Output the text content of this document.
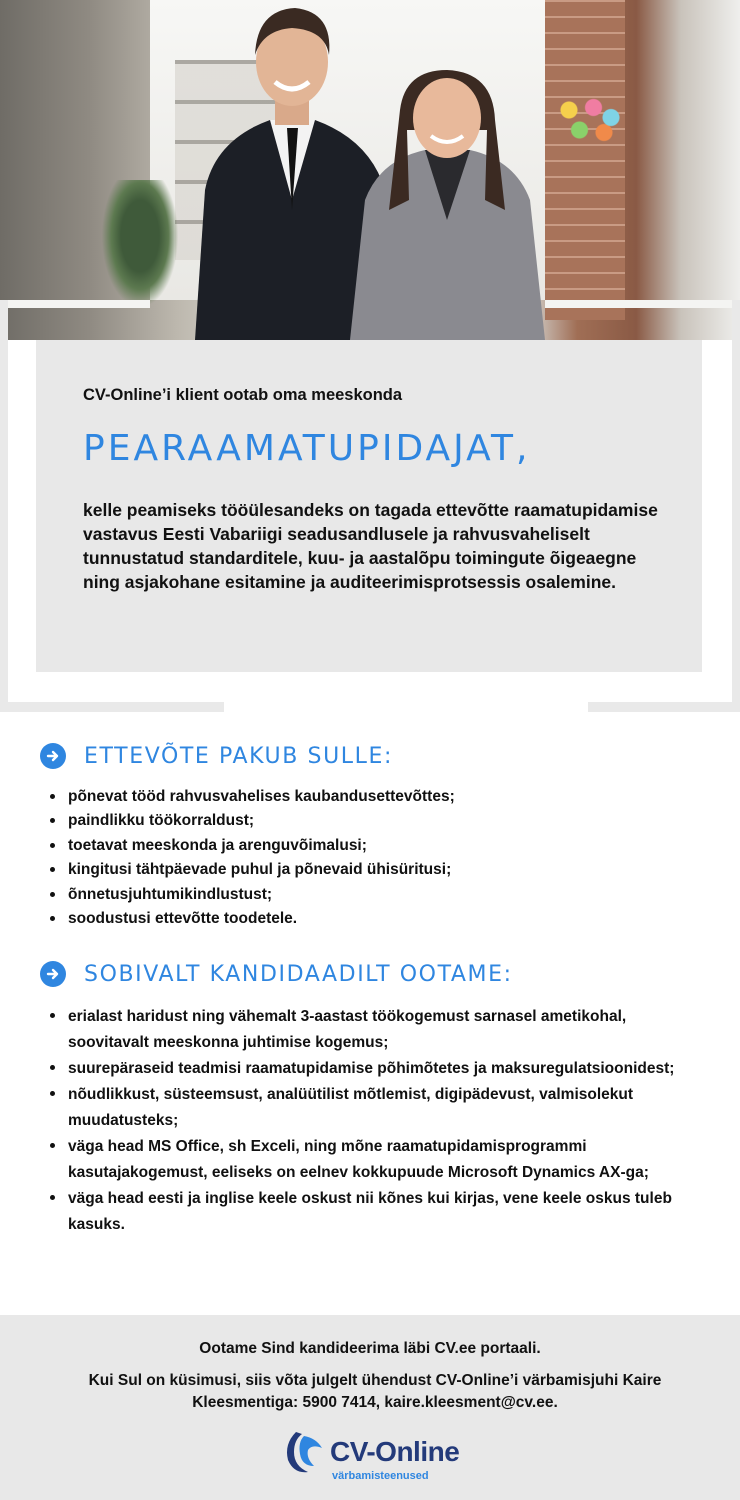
CV-Online’i klient ootab oma meeskonda
PEARAAMATUPIDAJAT,

kelle peamiseks tööülesandeks on tagada ettevõtte raamatupidamise vastavus Eesti Vabariigi seadusandlusele ja rahvusvaheliselt tunnustatud standarditele, kuu- ja aastalõpu toimingute õigeaegne ning asjakohane esitamine ja auditeerimisprotsessis osalemine.

ETTEVÕTE PAKUB SULLE:
põnevat tööd rahvusvahelises kaubandusettevõttes;
paindlikku töökorraldust;
toetavat meeskonda ja arenguvõimalusi;
kingitusi tähtpäevade puhul ja põnevaid ühisüritusi;
õnnetusjuhtumikindlustust;
soodustusi ettevõtte toodetele.
SOBIVALT KANDIDAADILT OOTAME:
erialast haridust ning vähemalt 3-aastast töökogemust sarnasel ametikohal, soovitavalt meeskonna juhtimise kogemus;
suurepäraseid teadmisi raamatupidamise põhimõtetes ja maksuregulatsioonidest;
nõudlikkust, süsteemsust, analüütilist mõtlemist, digipädevust, valmisolekut muudatusteks;
väga head MS Office, sh Exceli, ning mõne raamatupidamisprogrammi kasutajakogemust, eeliseks on eelnev kokkupuude Microsoft Dynamics AX-ga;
väga head eesti ja inglise keele oskust nii kõnes kui kirjas, vene keele oskus tuleb kasuks.

Ootame Sind kandideerima läbi CV.ee portaali.

Kui Sul on küsimusi, siis võta julgelt ühendust CV-Online’i värbamisjuhi Kaire Kleesmentiga: 5900 7414, kaire.kleesment@cv.ee.

CV-Online
värbamisteenused
